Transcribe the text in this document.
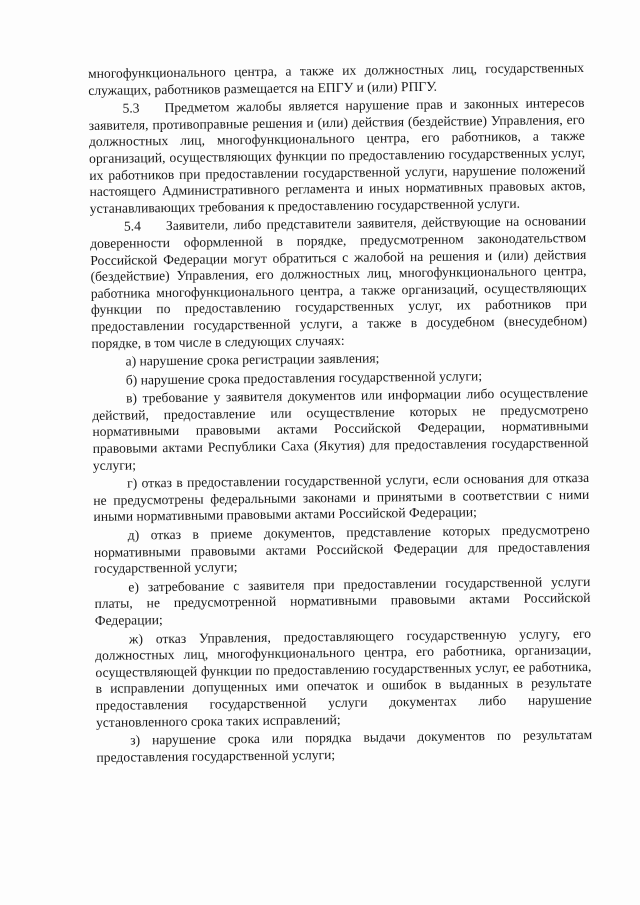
многофункционального центра, а также их должностных лиц, государственных служащих, работников размещается на ЕПГУ и (или) РПГУ.

5.3 Предметом жалобы является нарушение прав и законных интересов заявителя, противоправные решения и (или) действия (бездействие) Управления, его должностных лиц, многофункционального центра, его работников, а также организаций, осуществляющих функции по предоставлению государственных услуг, их работников при предоставлении государственной услуги, нарушение положений настоящего Административного регламента и иных нормативных правовых актов, устанавливающих требования к предоставлению государственной услуги.

5.4 Заявители, либо представители заявителя, действующие на основании доверенности оформленной в порядке, предусмотренном законодательством Российской Федерации могут обратиться с жалобой на решения и (или) действия (бездействие) Управления, его должностных лиц, многофункционального центра, работника многофункционального центра, а также организаций, осуществляющих функции по предоставлению государственных услуг, их работников при предоставлении государственной услуги, а также в досудебном (внесудебном) порядке, в том числе в следующих случаях:

а) нарушение срока регистрации заявления;

б) нарушение срока предоставления государственной услуги;

в) требование у заявителя документов или информации либо осуществление действий, предоставление или осуществление которых не предусмотрено нормативными правовыми актами Российской Федерации, нормативными правовыми актами Республики Саха (Якутия) для предоставления государственной услуги;

г) отказ в предоставлении государственной услуги, если основания для отказа не предусмотрены федеральными законами и принятыми в соответствии с ними иными нормативными правовыми актами Российской Федерации;

д) отказ в приеме документов, представление которых предусмотрено нормативными правовыми актами Российской Федерации для предоставления государственной услуги;

е) затребование с заявителя при предоставлении государственной услуги платы, не предусмотренной нормативными правовыми актами Российской Федерации;

ж) отказ Управления, предоставляющего государственную услугу, его должностных лиц, многофункционального центра, его работника, организации, осуществляющей функции по предоставлению государственных услуг, ее работника, в исправлении допущенных ими опечаток и ошибок в выданных в результате предоставления государственной услуги документах либо нарушение установленного срока таких исправлений;

з) нарушение срока или порядка выдачи документов по результатам предоставления государственной услуги;
